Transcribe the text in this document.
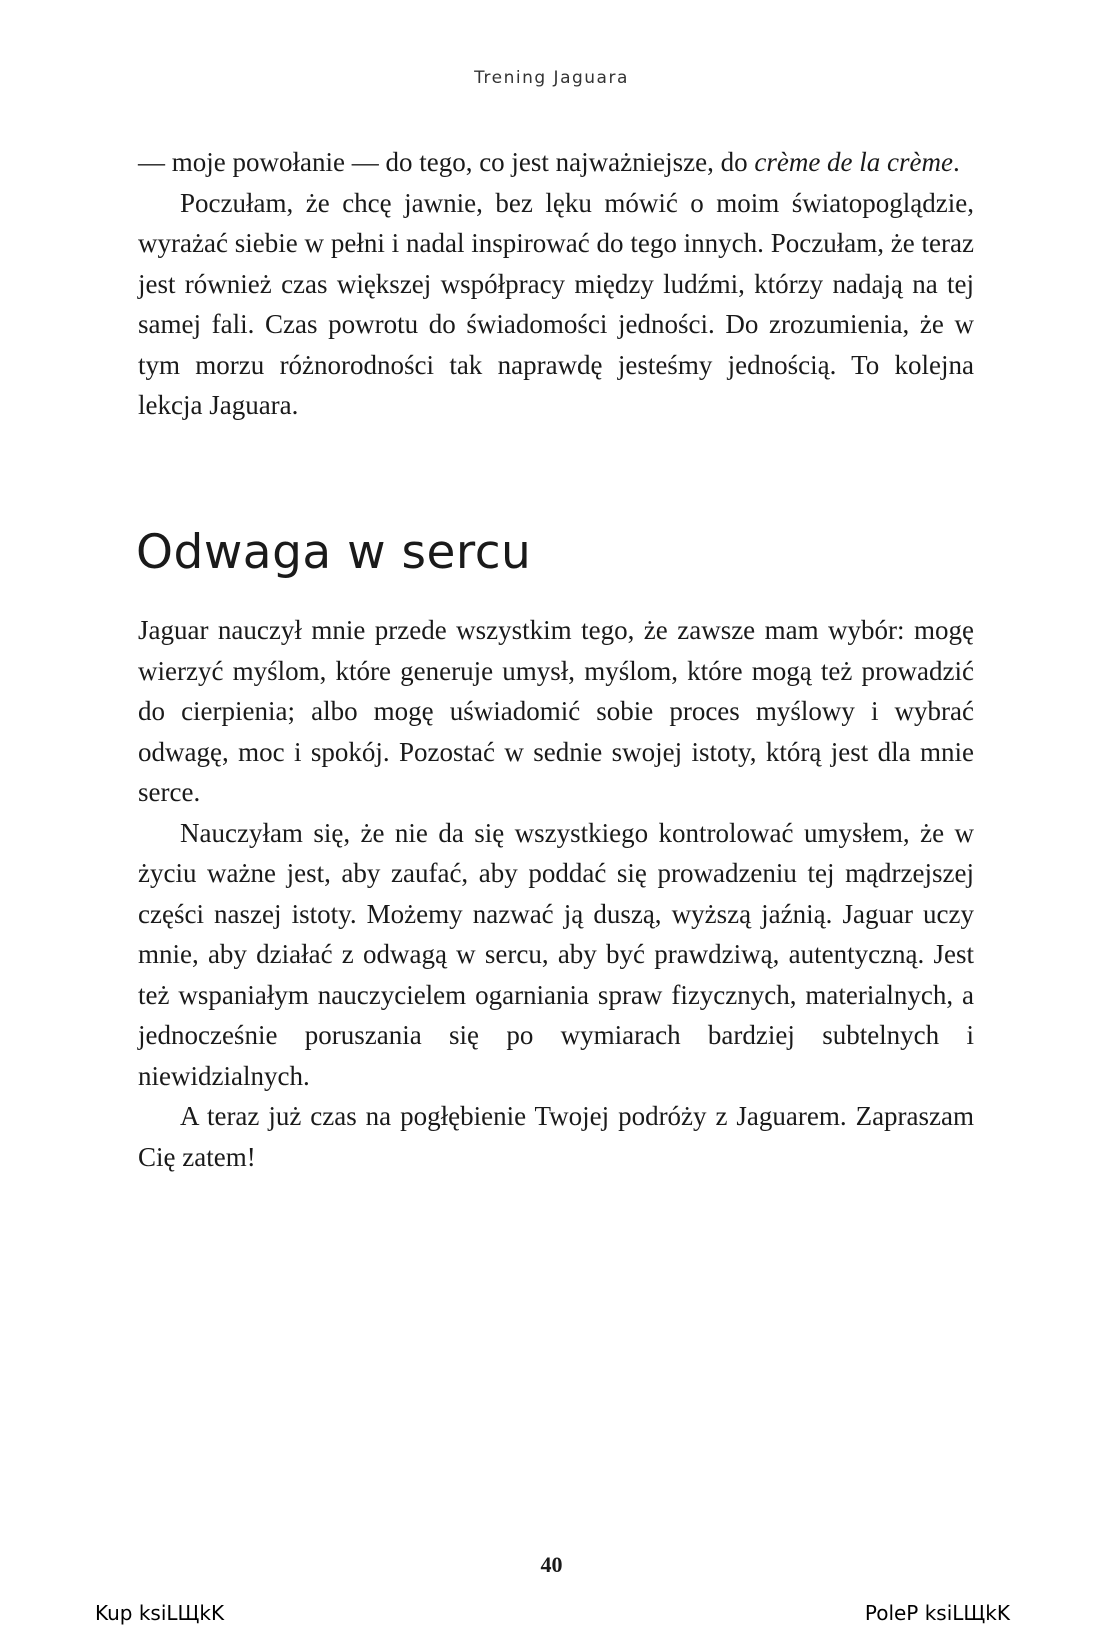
Trening Jaguara

— moje powołanie — do tego, co jest najważniejsze, do crème de la crème.

Poczułam, że chcę jawnie, bez lęku mówić o moim światopoglądzie, wyrażać siebie w pełni i nadal inspirować do tego innych. Poczułam, że teraz jest również czas większej współpracy między ludźmi, którzy nadają na tej samej fali. Czas powrotu do świadomości jedności. Do zrozumienia, że w tym morzu różnorodności tak naprawdę jesteśmy jednością. To kolejna lekcja Jaguara.

Odwaga w sercu

Jaguar nauczył mnie przede wszystkim tego, że zawsze mam wybór: mogę wierzyć myślom, które generuje umysł, myślom, które mogą też prowadzić do cierpienia; albo mogę uświadomić sobie proces myślowy i wybrać odwagę, moc i spokój. Pozostać w sednie swojej istoty, którą jest dla mnie serce.

Nauczyłam się, że nie da się wszystkiego kontrolować umysłem, że w życiu ważne jest, aby zaufać, aby poddać się prowadzeniu tej mądrzejszej części naszej istoty. Możemy nazwać ją duszą, wyższą jaźnią. Jaguar uczy mnie, aby działać z odwagą w sercu, aby być prawdziwą, autentyczną. Jest też wspaniałym nauczycielem ogarniania spraw fizycznych, materialnych, a jednocześnie poruszania się po wymiarach bardziej subtelnych i niewidzialnych.

A teraz już czas na pogłębienie Twojej podróży z Jaguarem. Zapraszam Cię zatem!

40
Kup ksiLЩkK	PoleP ksiLЩkK
